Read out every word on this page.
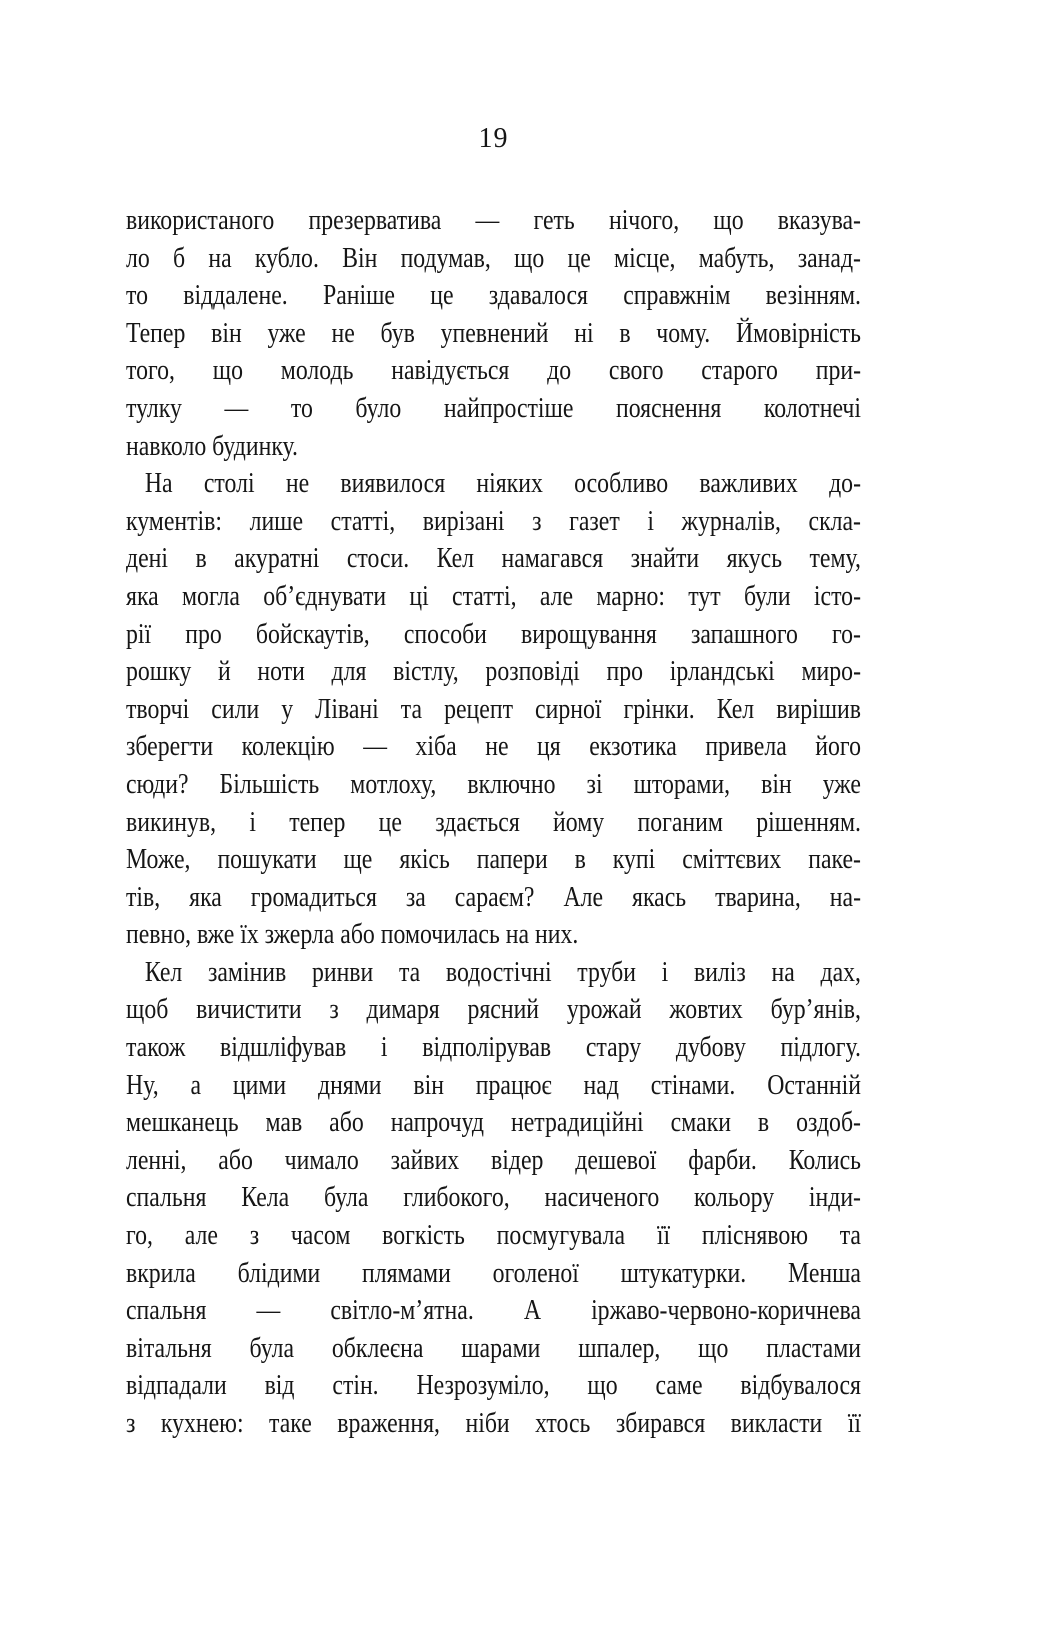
19
використаного презерватива — геть нічого, що вказува-
ло б на кубло. Він подумав, що це місце, мабуть, занад-
то віддалене. Раніше це здавалося справжнім везінням.
Тепер він уже не був упевнений ні в чому. Ймовірність
того, що молодь навідується до свого старого при-
тулку — то було найпростіше пояснення колотнечі
навколо будинку.
На столі не виявилося ніяких особливо важливих до-
кументів: лише статті, вирізані з газет і журналів, скла-
дені в акуратні стоси. Кел намагався знайти якусь тему,
яка могла об’єднувати ці статті, але марно: тут були істо-
рії про бойскаутів, способи вирощування запашного го-
рошку й ноти для вістлу, розповіді про ірландські миро-
творчі сили у Лівані та рецепт сирної грінки. Кел вирішив
зберегти колекцію — хіба не ця екзотика привела його
сюди? Більшість мотлоху, включно зі шторами, він уже
викинув, і тепер це здається йому поганим рішенням.
Може, пошукати ще якісь папери в купі сміттєвих паке-
тів, яка громадиться за сараєм? Але якась тварина, на-
певно, вже їх зжерла або помочилась на них.
Кел замінив ринви та водостічні труби і виліз на дах,
щоб вичистити з димаря рясний урожай жовтих бур’янів,
також відшліфував і відполірував стару дубову підлогу.
Ну, а цими днями він працює над стінами. Останній
мешканець мав або напрочуд нетрадиційні смаки в оздоб-
ленні, або чимало зайвих відер дешевої фарби. Колись
спальня Кела була глибокого, насиченого кольору інди-
го, але з часом вогкість посмугувала її пліснявою та
вкрила блідими плямами оголеної штукатурки. Менша
спальня — світло-м’ятна. А іржаво-червоно-коричнева
вітальня була обклеєна шарами шпалер, що пластами
відпадали від стін. Незрозуміло, що саме відбувалося
з кухнею: таке враження, ніби хтось збирався викласти її
